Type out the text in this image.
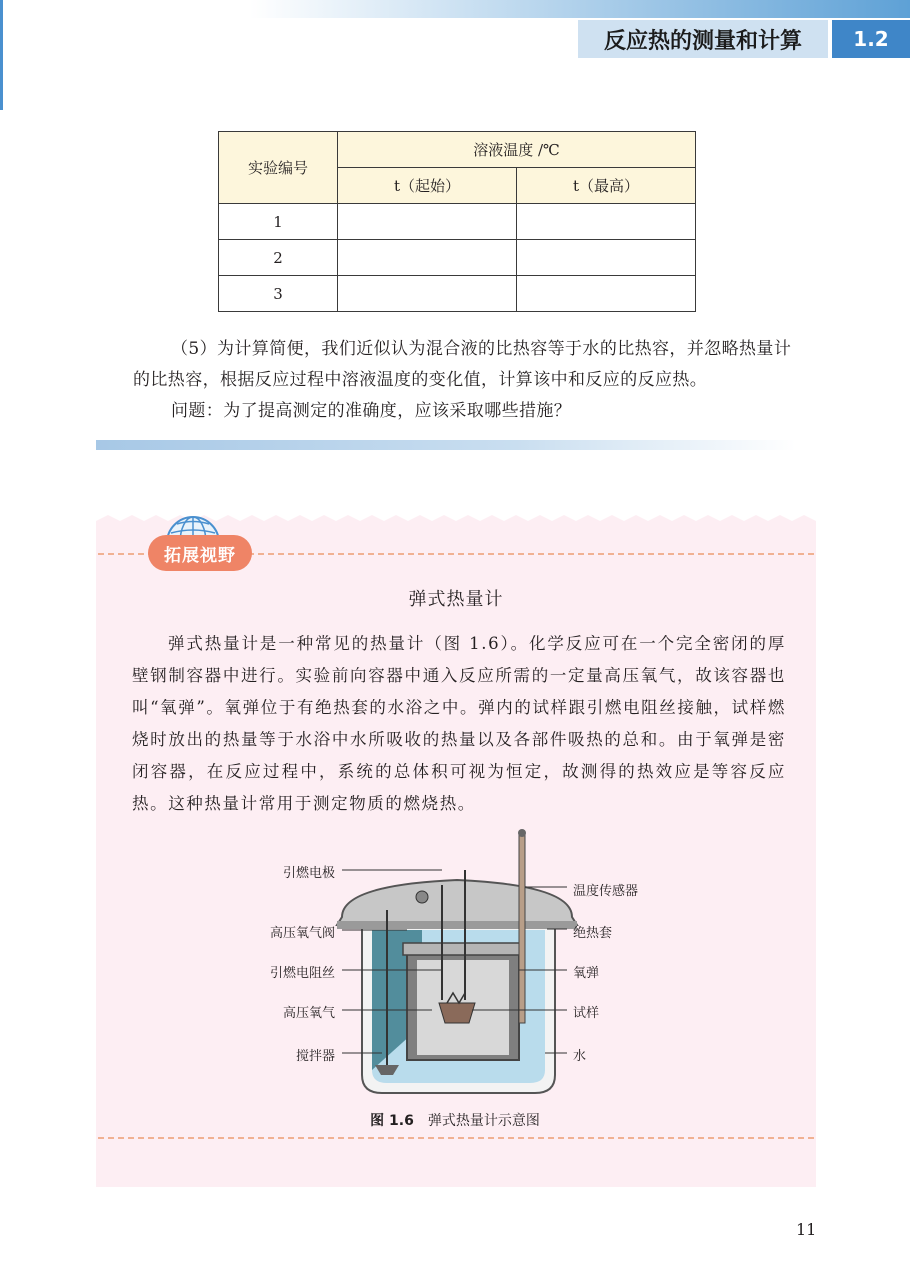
反应热的测量和计算	1.2
实验编号	溶液温度 /℃	
	t（起始）	t（最高）
1		
2		
3		

（5）为计算简便，我们近似认为混合液的比热容等于水的比热容，并忽略热量计的比热容，根据反应过程中溶液温度的变化值，计算该中和反应的反应热。

问题：为了提高测定的准确度，应该采取哪些措施？

拓展视野
弹式热量计

弹式热量计是一种常见的热量计（图 1.6）。化学反应可在一个完全密闭的厚壁钢制容器中进行。实验前向容器中通入反应所需的一定量高压氧气，故该容器也叫“氧弹”。氧弹位于有绝热套的水浴之中。弹内的试样跟引燃电阻丝接触，试样燃烧时放出的热量等于水浴中水所吸收的热量以及各部件吸热的总和。由于氧弹是密闭容器，在反应过程中，系统的总体积可视为恒定，故测得的热效应是等容反应热。这种热量计常用于测定物质的燃烧热。

引燃电极
高压氧气阀
引燃电阻丝
高压氧气
搅拌器
温度传感器
绝热套
氧弹
试样
水
图 1.6 弹式热量计示意图
11
